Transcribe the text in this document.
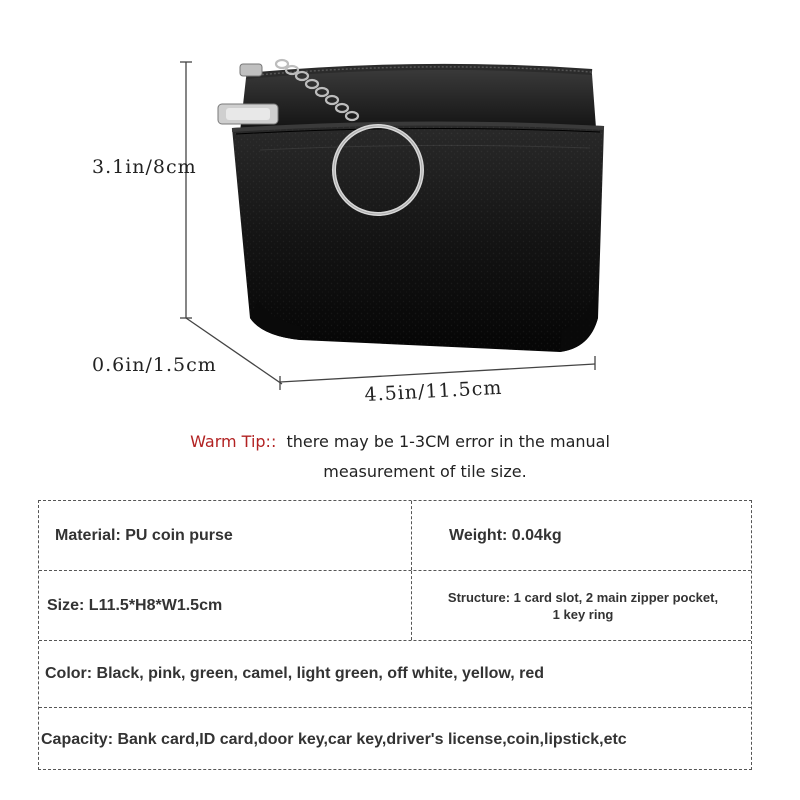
3.1in/8cm
0.6in/1.5cm
4.5in/11.5cm
Warm Tip:: there may be 1-3CM error in the manual
measurement of tile size.
Material: PU coin purse	Weight: 0.04kg
Size: L11.5*H8*W1.5cm	Structure: 1 card slot, 2 main zipper pocket,
1 key ring
Color: Black, pink, green, camel, light green, off white, yellow, red
Capacity: Bank card,ID card,door key,car key,driver's license,coin,lipstick,etc
